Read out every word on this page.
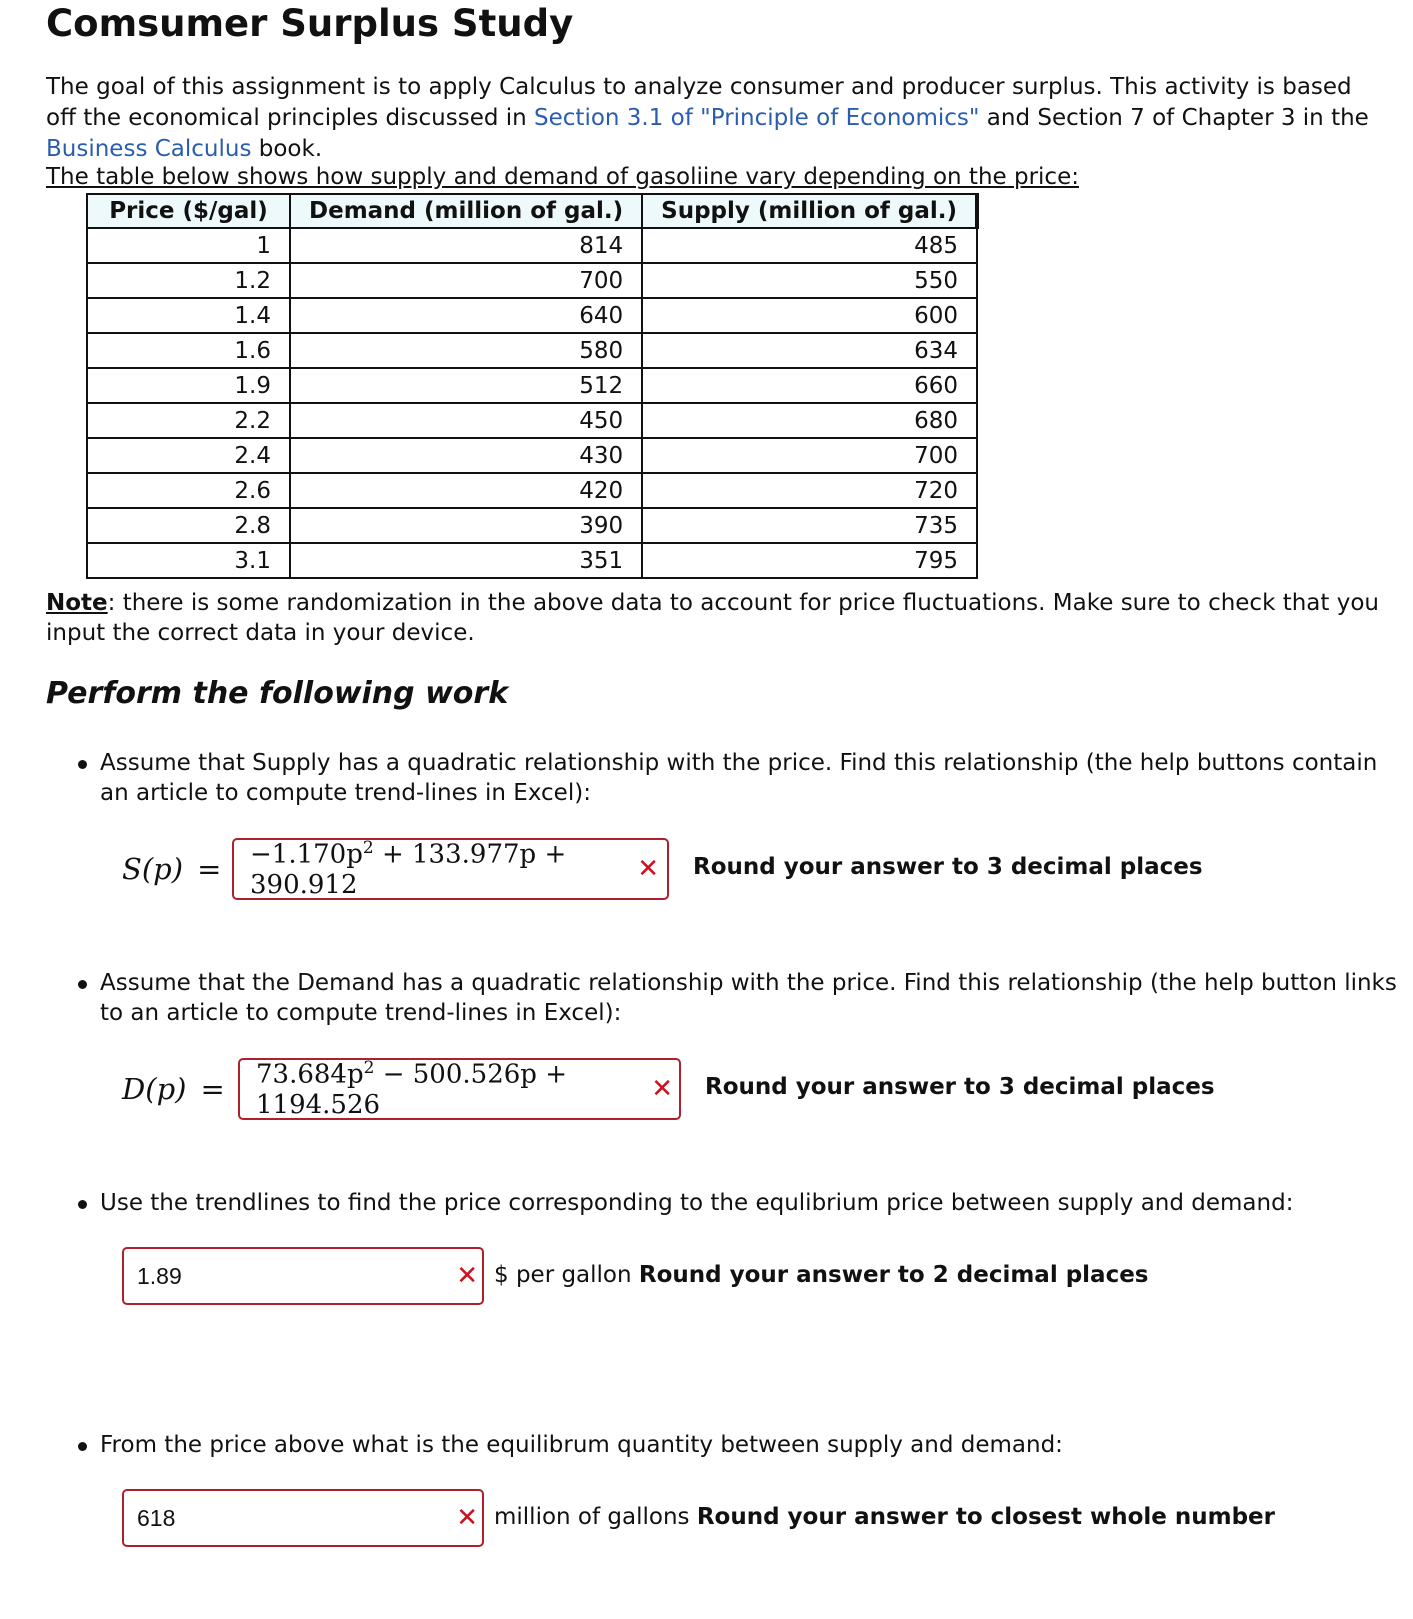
Comsumer Surplus Study
The goal of this assignment is to apply Calculus to analyze consumer and producer surplus. This activity is based off the economical principles discussed in Section 3.1 of "Principle of Economics" and Section 7 of Chapter 3 in the Business Calculus book.
The table below shows how supply and demand of gasoliine vary depending on the price:
Price ($/gal)	Demand (million of gal.)	Supply (million of gal.)
1	814	485
1.2	700	550
1.4	640	600
1.6	580	634
1.9	512	660
2.2	450	680
2.4	430	700
2.6	420	720
2.8	390	735
3.1	351	795
Note: there is some randomization in the above data to account for price fluctuations. Make sure to check that you input the correct data in your device.
Perform the following work
Assume that Supply has a quadratic relationship with the price. Find this relationship (the help buttons contain an article to compute trend-lines in Excel):
$S(p) = -1.170p^2 + 133.977p + 390.912$
✕ Round your answer to 3 decimal places
Assume that the Demand has a quadratic relationship with the price. Find this relationship (the help button links to an article to compute trend-lines in Excel):
$D(p) = 73.684p^2 - 500.526p + 1194.526$
✕ Round your answer to 3 decimal places
Use the trendlines to find the price corresponding to the equlibrium price between supply and demand:
1.89	✕ $ per gallon Round your answer to 2 decimal places
From the price above what is the equilibrum quantity between supply and demand:
618	✕ million of gallons Round your answer to closest whole number
